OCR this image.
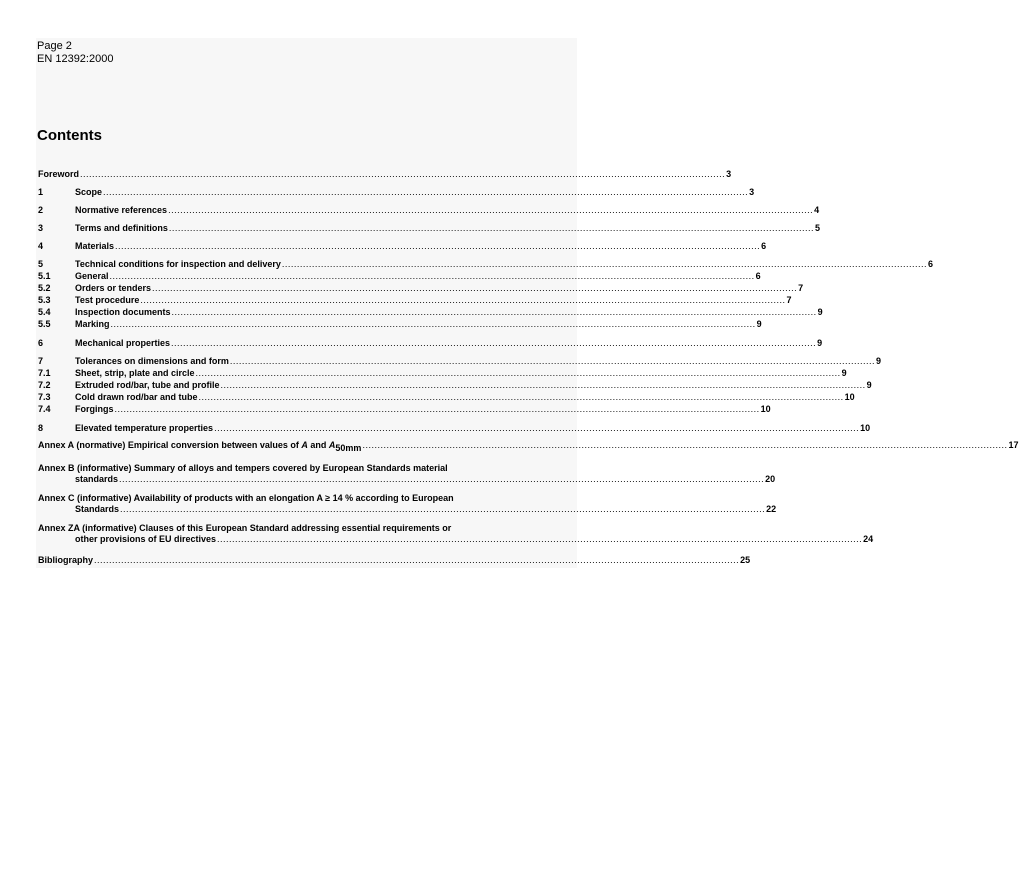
Page 2
EN 12392:2000
Contents
Foreword ....................................................................................................................................................................................................................... 3
1	Scope ....................................................................................................................................................................................................................... 3
2	Normative references ....................................................................................................................................................................................................................... 4
3	Terms and definitions ....................................................................................................................................................................................................................... 5
4	Materials ....................................................................................................................................................................................................................... 6
5	Technical conditions for inspection and delivery ....................................................................................................................................................................................................................... 6
5.1	General ....................................................................................................................................................................................................................... 6
5.2	Orders or tenders ....................................................................................................................................................................................................................... 7
5.3	Test procedure ....................................................................................................................................................................................................................... 7
5.4	Inspection documents ....................................................................................................................................................................................................................... 9
5.5	Marking ....................................................................................................................................................................................................................... 9
6	Mechanical properties ....................................................................................................................................................................................................................... 9
7	Tolerances on dimensions and form ....................................................................................................................................................................................................................... 9
7.1	Sheet, strip, plate and circle ....................................................................................................................................................................................................................... 9
7.2	Extruded rod/bar, tube and profile ....................................................................................................................................................................................................................... 9
7.3	Cold drawn rod/bar and tube ....................................................................................................................................................................................................................... 10
7.4	Forgings ....................................................................................................................................................................................................................... 10
8	Elevated temperature properties ....................................................................................................................................................................................................................... 10
Annex A (normative) Empirical conversion between values of A and A50mm ....................................................................................................................................................................................................................... 17
Annex B (informative) Summary of alloys and tempers covered by European Standards material
standards ....................................................................................................................................................................................................................... 20
Annex C (informative) Availability of products with an elongation A ≥ 14 % according to European
Standards ....................................................................................................................................................................................................................... 22
Annex ZA (informative) Clauses of this European Standard addressing essential requirements or
other provisions of EU directives ....................................................................................................................................................................................................................... 24
Bibliography ....................................................................................................................................................................................................................... 25
